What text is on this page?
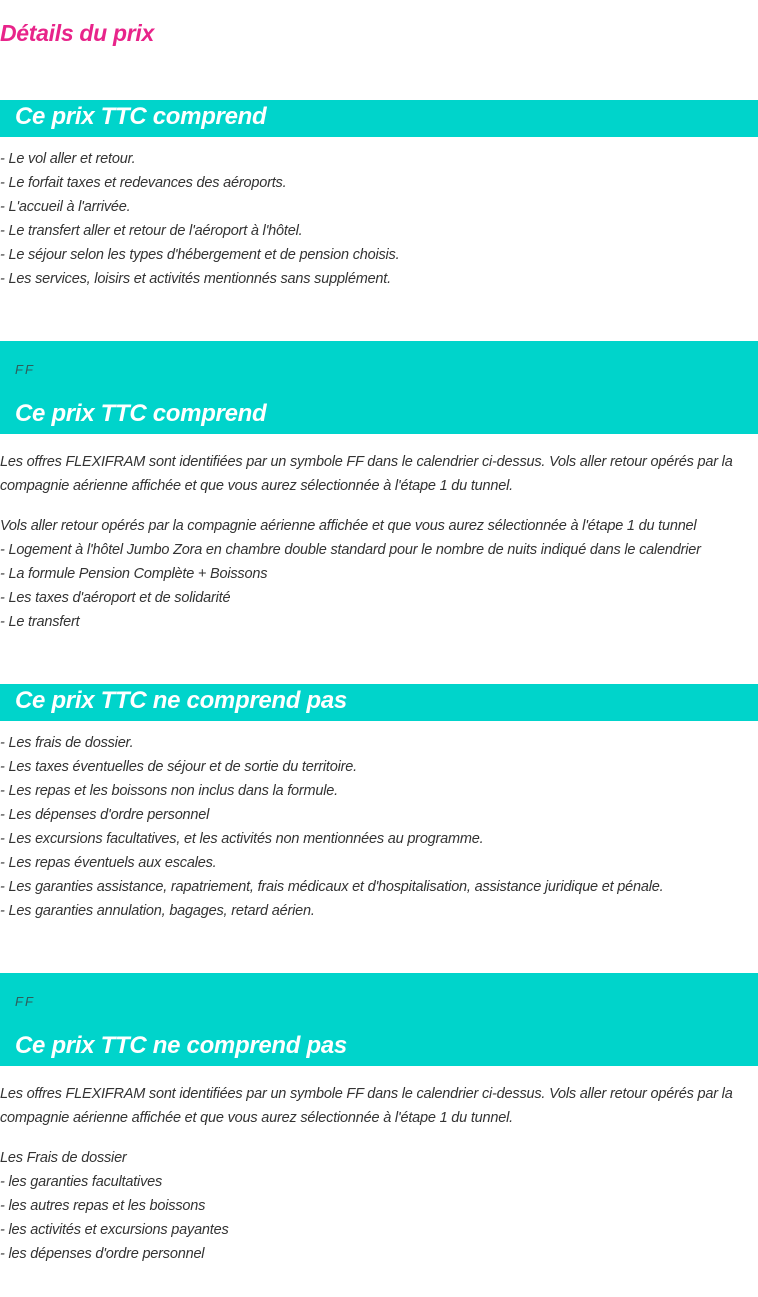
Détails du prix
Ce prix TTC comprend
- Le vol aller et retour.
- Le forfait taxes et redevances des aéroports.
- L'accueil à l'arrivée.
- Le transfert aller et retour de l'aéroport à l'hôtel.
- Le séjour selon les types d'hébergement et de pension choisis.
- Les services, loisirs et activités mentionnés sans supplément.
FF
Ce prix TTC comprend

Les offres FLEXIFRAM sont identifiées par un symbole FF dans le calendrier ci-dessus. Vols aller retour opérés par la compagnie aérienne affichée et que vous aurez sélectionnée à l'étape 1 du tunnel.

Vols aller retour opérés par la compagnie aérienne affichée et que vous aurez sélectionnée à l'étape 1 du tunnel
- Logement à l'hôtel Jumbo Zora en chambre double standard pour le nombre de nuits indiqué dans le calendrier
- La formule Pension Complète + Boissons
- Les taxes d'aéroport et de solidarité
- Le transfert
Ce prix TTC ne comprend pas
- Les frais de dossier.
- Les taxes éventuelles de séjour et de sortie du territoire.
- Les repas et les boissons non inclus dans la formule.
- Les dépenses d'ordre personnel
- Les excursions facultatives, et les activités non mentionnées au programme.
- Les repas éventuels aux escales.
- Les garanties assistance, rapatriement, frais médicaux et d'hospitalisation, assistance juridique et pénale.
- Les garanties annulation, bagages, retard aérien.
FF
Ce prix TTC ne comprend pas

Les offres FLEXIFRAM sont identifiées par un symbole FF dans le calendrier ci-dessus. Vols aller retour opérés par la compagnie aérienne affichée et que vous aurez sélectionnée à l'étape 1 du tunnel.

Les Frais de dossier
- les garanties facultatives
- les autres repas et les boissons
- les activités et excursions payantes
- les dépenses d'ordre personnel
